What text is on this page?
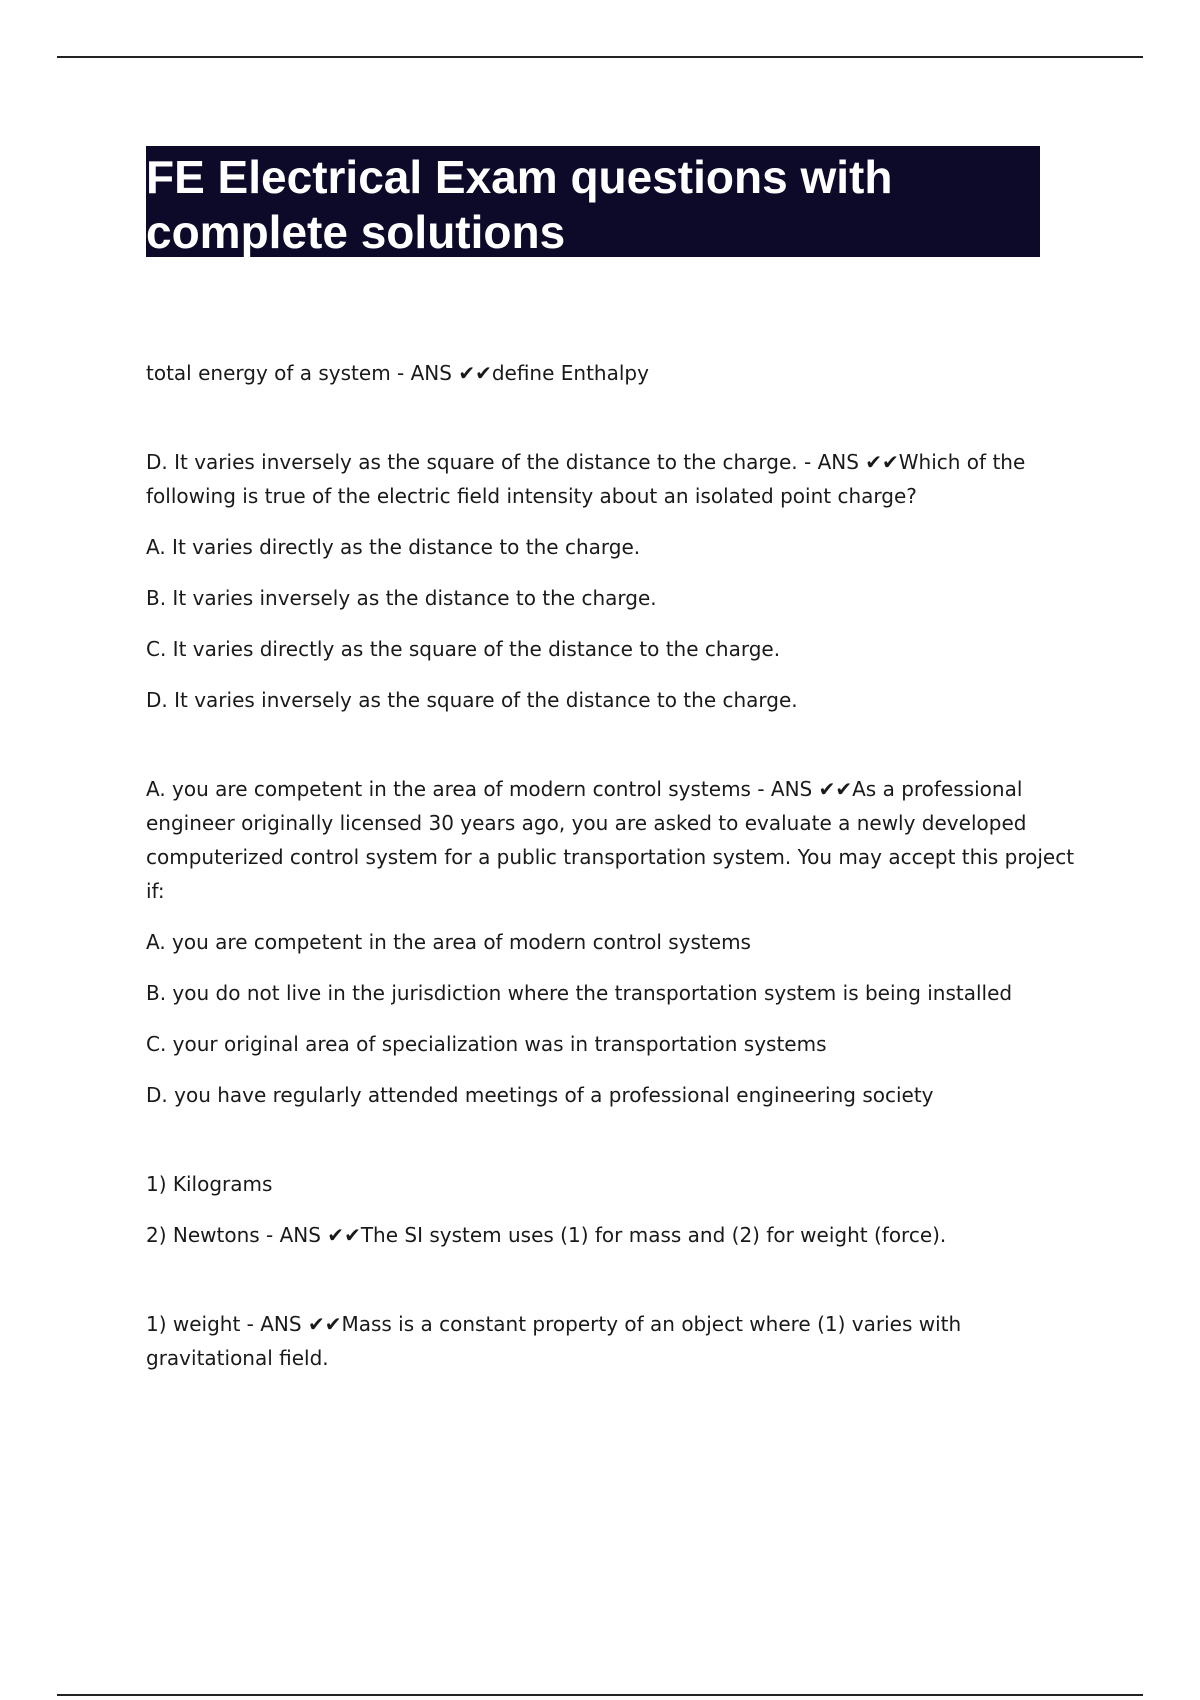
FE Electrical Exam questions with complete solutions

total energy of a system - ANS ✔✔define Enthalpy

D. It varies inversely as the square of the distance to the charge. - ANS ✔✔Which of the following is true of the electric field intensity about an isolated point charge?

A. It varies directly as the distance to the charge.

B. It varies inversely as the distance to the charge.

C. It varies directly as the square of the distance to the charge.

D. It varies inversely as the square of the distance to the charge.

A. you are competent in the area of modern control systems - ANS ✔✔As a professional engineer originally licensed 30 years ago, you are asked to evaluate a newly developed computerized control system for a public transportation system. You may accept this project if:

A. you are competent in the area of modern control systems

B. you do not live in the jurisdiction where the transportation system is being installed

C. your original area of specialization was in transportation systems

D. you have regularly attended meetings of a professional engineering society

1) Kilograms

2) Newtons - ANS ✔✔The SI system uses (1) for mass and (2) for weight (force).

1) weight - ANS ✔✔Mass is a constant property of an object where (1) varies with gravitational field.
